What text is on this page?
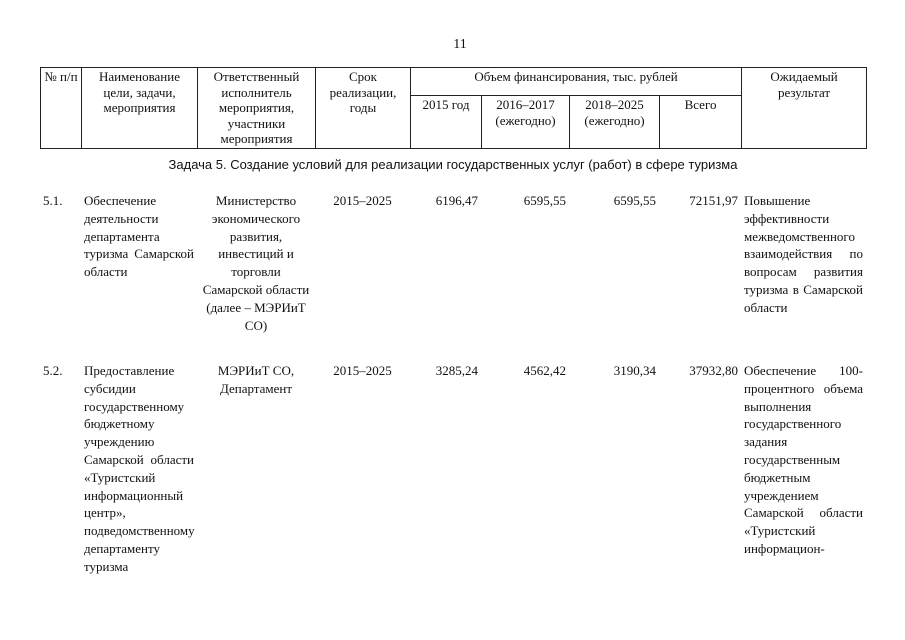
11
№ п/п	Наименование цели, задачи, мероприятия	Ответственный исполнитель мероприятия, участники мероприятия	Срок реализации, годы	Объем финансирования, тыс. рублей				Ожидаемый результат
				2015 год	2016–2017 (ежегодно)	2018–2025 (ежегодно)	Всего	
Задача 5. Создание условий для реализации государственных услуг (работ) в сфере туризма
5.1.	Обеспечение деятельности департамента туризма Самарской области	Министерство экономического развития, инвестиций и торговли Самарской области (далее – МЭРИиТ СО)	2015–2025	6196,47	6595,55	6595,55	72151,97	Повышение эффективности межведомственного взаимодействия по вопросам развития туризма в Самарской области
5.2.	Предоставление субсидии государственному бюджетному учреждению Самарской области «Туристский информационный центр», подведомственному департаменту туризма	МЭРИиТ СО, Департамент	2015–2025	3285,24	4562,42	3190,34	37932,80	Обеспечение 100-процентного объема выполнения государственного задания государственным бюджетным учреждением Самарской области «Туристский информацион-
